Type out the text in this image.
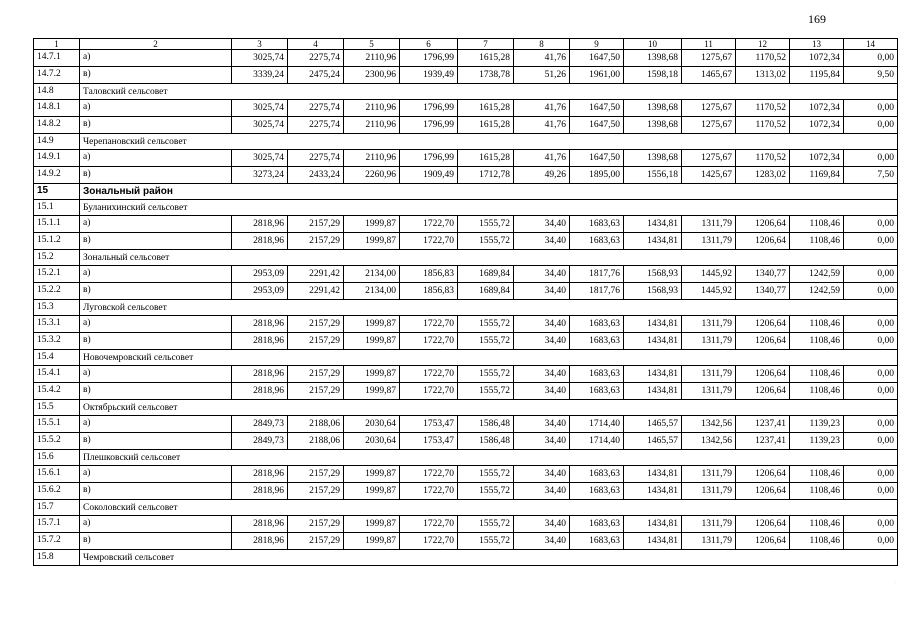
169
1	2	3	4	5	6	7	8	9	10	11	12	13	14
14.7.1	а)	3025,74	2275,74	2110,96	1796,99	1615,28	41,76	1647,50	1398,68	1275,67	1170,52	1072,34	0,00
14.7.2	в)	3339,24	2475,24	2300,96	1939,49	1738,78	51,26	1961,00	1598,18	1465,67	1313,02	1195,84	9,50
14.8	Таловский сельсовет												
14.8.1	а)	3025,74	2275,74	2110,96	1796,99	1615,28	41,76	1647,50	1398,68	1275,67	1170,52	1072,34	0,00
14.8.2	в)	3025,74	2275,74	2110,96	1796,99	1615,28	41,76	1647,50	1398,68	1275,67	1170,52	1072,34	0,00
14.9	Черепановский сельсовет												
14.9.1	а)	3025,74	2275,74	2110,96	1796,99	1615,28	41,76	1647,50	1398,68	1275,67	1170,52	1072,34	0,00
14.9.2	в)	3273,24	2433,24	2260,96	1909,49	1712,78	49,26	1895,00	1556,18	1425,67	1283,02	1169,84	7,50
15	Зональный район												
15.1	Буланихинский сельсовет												
15.1.1	а)	2818,96	2157,29	1999,87	1722,70	1555,72	34,40	1683,63	1434,81	1311,79	1206,64	1108,46	0,00
15.1.2	в)	2818,96	2157,29	1999,87	1722,70	1555,72	34,40	1683,63	1434,81	1311,79	1206,64	1108,46	0,00
15.2	Зональный сельсовет												
15.2.1	а)	2953,09	2291,42	2134,00	1856,83	1689,84	34,40	1817,76	1568,93	1445,92	1340,77	1242,59	0,00
15.2.2	в)	2953,09	2291,42	2134,00	1856,83	1689,84	34,40	1817,76	1568,93	1445,92	1340,77	1242,59	0,00
15.3	Луговской сельсовет												
15.3.1	а)	2818,96	2157,29	1999,87	1722,70	1555,72	34,40	1683,63	1434,81	1311,79	1206,64	1108,46	0,00
15.3.2	в)	2818,96	2157,29	1999,87	1722,70	1555,72	34,40	1683,63	1434,81	1311,79	1206,64	1108,46	0,00
15.4	Новочемровский сельсовет												
15.4.1	а)	2818,96	2157,29	1999,87	1722,70	1555,72	34,40	1683,63	1434,81	1311,79	1206,64	1108,46	0,00
15.4.2	в)	2818,96	2157,29	1999,87	1722,70	1555,72	34,40	1683,63	1434,81	1311,79	1206,64	1108,46	0,00
15.5	Октябрьский сельсовет												
15.5.1	а)	2849,73	2188,06	2030,64	1753,47	1586,48	34,40	1714,40	1465,57	1342,56	1237,41	1139,23	0,00
15.5.2	в)	2849,73	2188,06	2030,64	1753,47	1586,48	34,40	1714,40	1465,57	1342,56	1237,41	1139,23	0,00
15.6	Плешковский сельсовет												
15.6.1	а)	2818,96	2157,29	1999,87	1722,70	1555,72	34,40	1683,63	1434,81	1311,79	1206,64	1108,46	0,00
15.6.2	в)	2818,96	2157,29	1999,87	1722,70	1555,72	34,40	1683,63	1434,81	1311,79	1206,64	1108,46	0,00
15.7	Соколовский сельсовет												
15.7.1	а)	2818,96	2157,29	1999,87	1722,70	1555,72	34,40	1683,63	1434,81	1311,79	1206,64	1108,46	0,00
15.7.2	в)	2818,96	2157,29	1999,87	1722,70	1555,72	34,40	1683,63	1434,81	1311,79	1206,64	1108,46	0,00
15.8	Чемровский сельсовет												
·
